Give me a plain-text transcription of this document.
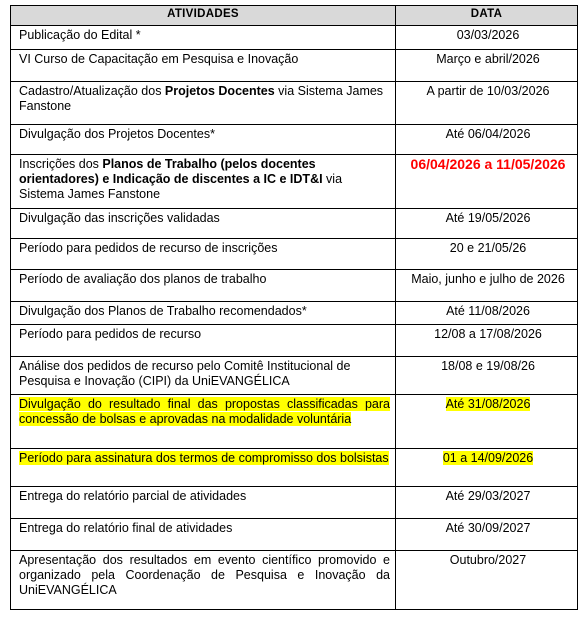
ATIVIDADES	DATA
Publicação do Edital *	03/03/2026
VI Curso de Capacitação em Pesquisa e Inovação	Março e abril/2026
Cadastro/Atualização dos Projetos Docentes via Sistema James Fanstone	A partir de 10/03/2026
Divulgação dos Projetos Docentes*	Até 06/04/2026
Inscrições dos Planos de Trabalho (pelos docentes orientadores) e Indicação de discentes a IC e IDT&I via Sistema James Fanstone	06/04/2026 a 11/05/2026
Divulgação das inscrições validadas	Até 19/05/2026
Período para pedidos de recurso de inscrições	20 e 21/05/26
Período de avaliação dos planos de trabalho	Maio, junho e julho de 2026
Divulgação dos Planos de Trabalho recomendados*	Até 11/08/2026
Período para pedidos de recurso	12/08 a 17/08/2026
Análise dos pedidos de recurso pelo Comitê Institucional de Pesquisa e Inovação (CIPI) da UniEVANGÉLICA	18/08 e 19/08/26
Divulgação do resultado final das propostas classificadas para concessão de bolsas e aprovadas na modalidade voluntária	Até 31/08/2026
Período para assinatura dos termos de compromisso dos bolsistas	01 a 14/09/2026
Entrega do relatório parcial de atividades	Até 29/03/2027
Entrega do relatório final de atividades	Até 30/09/2027
Apresentação dos resultados em evento científico promovido e organizado pela Coordenação de Pesquisa e Inovação da UniEVANGÉLICA	Outubro/2027
